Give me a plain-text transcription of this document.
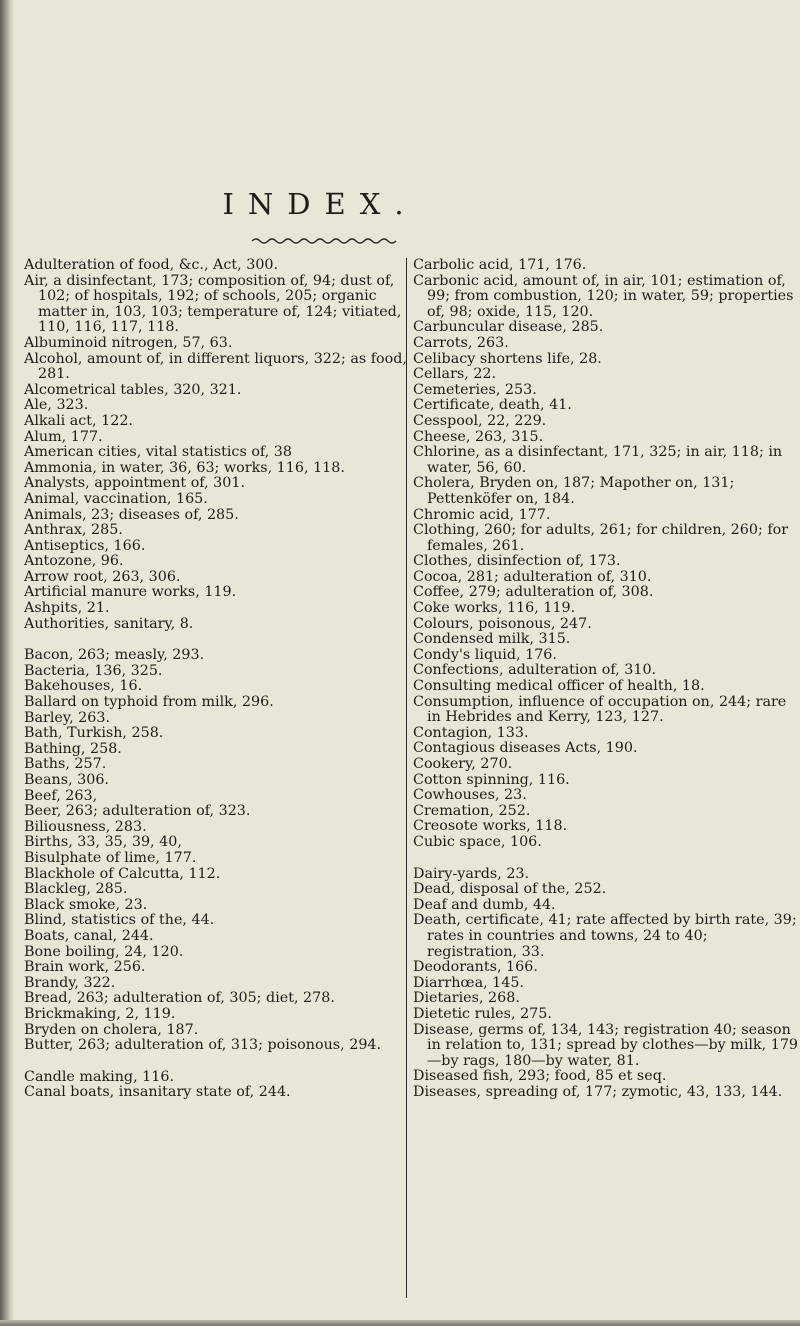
INDEX.

Adulteration of food, &c., Act, 300.

Air, a disinfectant, 173; composition of, 94; dust of, 102; of hospitals, 192; of schools, 205; organic matter in, 103, 103; temperature of, 124; vitiated, 110, 116, 117, 118.

Albuminoid nitrogen, 57, 63.

Alcohol, amount of, in different liquors, 322; as food, 281.

Alcometrical tables, 320, 321.

Ale, 323.

Alkali act, 122.

Alum, 177.

American cities, vital statistics of, 38

Ammonia, in water, 36, 63; works, 116, 118.

Analysts, appointment of, 301.

Animal, vaccination, 165.

Animals, 23; diseases of, 285.

Anthrax, 285.

Antiseptics, 166.

Antozone, 96.

Arrow root, 263, 306.

Artificial manure works, 119.

Ashpits, 21.

Authorities, sanitary, 8.

Bacon, 263; measly, 293.

Bacteria, 136, 325.

Bakehouses, 16.

Ballard on typhoid from milk, 296.

Barley, 263.

Bath, Turkish, 258.

Bathing, 258.

Baths, 257.

Beans, 306.

Beef, 263,

Beer, 263; adulteration of, 323.

Biliousness, 283.

Births, 33, 35, 39, 40,

Bisulphate of lime, 177.

Blackhole of Calcutta, 112.

Blackleg, 285.

Black smoke, 23.

Blind, statistics of the, 44.

Boats, canal, 244.

Bone boiling, 24, 120.

Brain work, 256.

Brandy, 322.

Bread, 263; adulteration of, 305; diet, 278.

Brickmaking, 2, 119.

Bryden on cholera, 187.

Butter, 263; adulteration of, 313; poisonous, 294.

Candle making, 116.

Canal boats, insanitary state of, 244.

Carbolic acid, 171, 176.

Carbonic acid, amount of, in air, 101; estimation of, 99; from combustion, 120; in water, 59; properties of, 98; oxide, 115, 120.

Carbuncular disease, 285.

Carrots, 263.

Celibacy shortens life, 28.

Cellars, 22.

Cemeteries, 253.

Certificate, death, 41.

Cesspool, 22, 229.

Cheese, 263, 315.

Chlorine, as a disinfectant, 171, 325; in air, 118; in water, 56, 60.

Cholera, Bryden on, 187; Mapother on, 131; Pettenköfer on, 184.

Chromic acid, 177.

Clothing, 260; for adults, 261; for children, 260; for females, 261.

Clothes, disinfection of, 173.

Cocoa, 281; adulteration of, 310.

Coffee, 279; adulteration of, 308.

Coke works, 116, 119.

Colours, poisonous, 247.

Condensed milk, 315.

Condy's liquid, 176.

Confections, adulteration of, 310.

Consulting medical officer of health, 18.

Consumption, influence of occupation on, 244; rare in Hebrides and Kerry, 123, 127.

Contagion, 133.

Contagious diseases Acts, 190.

Cookery, 270.

Cotton spinning, 116.

Cowhouses, 23.

Cremation, 252.

Creosote works, 118.

Cubic space, 106.

Dairy-yards, 23.

Dead, disposal of the, 252.

Deaf and dumb, 44.

Death, certificate, 41; rate affected by birth rate, 39; rates in countries and towns, 24 to 40; registration, 33.

Deodorants, 166.

Diarrhœa, 145.

Dietaries, 268.

Dietetic rules, 275.

Disease, germs of, 134, 143; registration 40; season in relation to, 131; spread by clothes—by milk, 179—by rags, 180—by water, 81.

Diseased fish, 293; food, 85 et seq.

Diseases, spreading of, 177; zymotic, 43, 133, 144.
